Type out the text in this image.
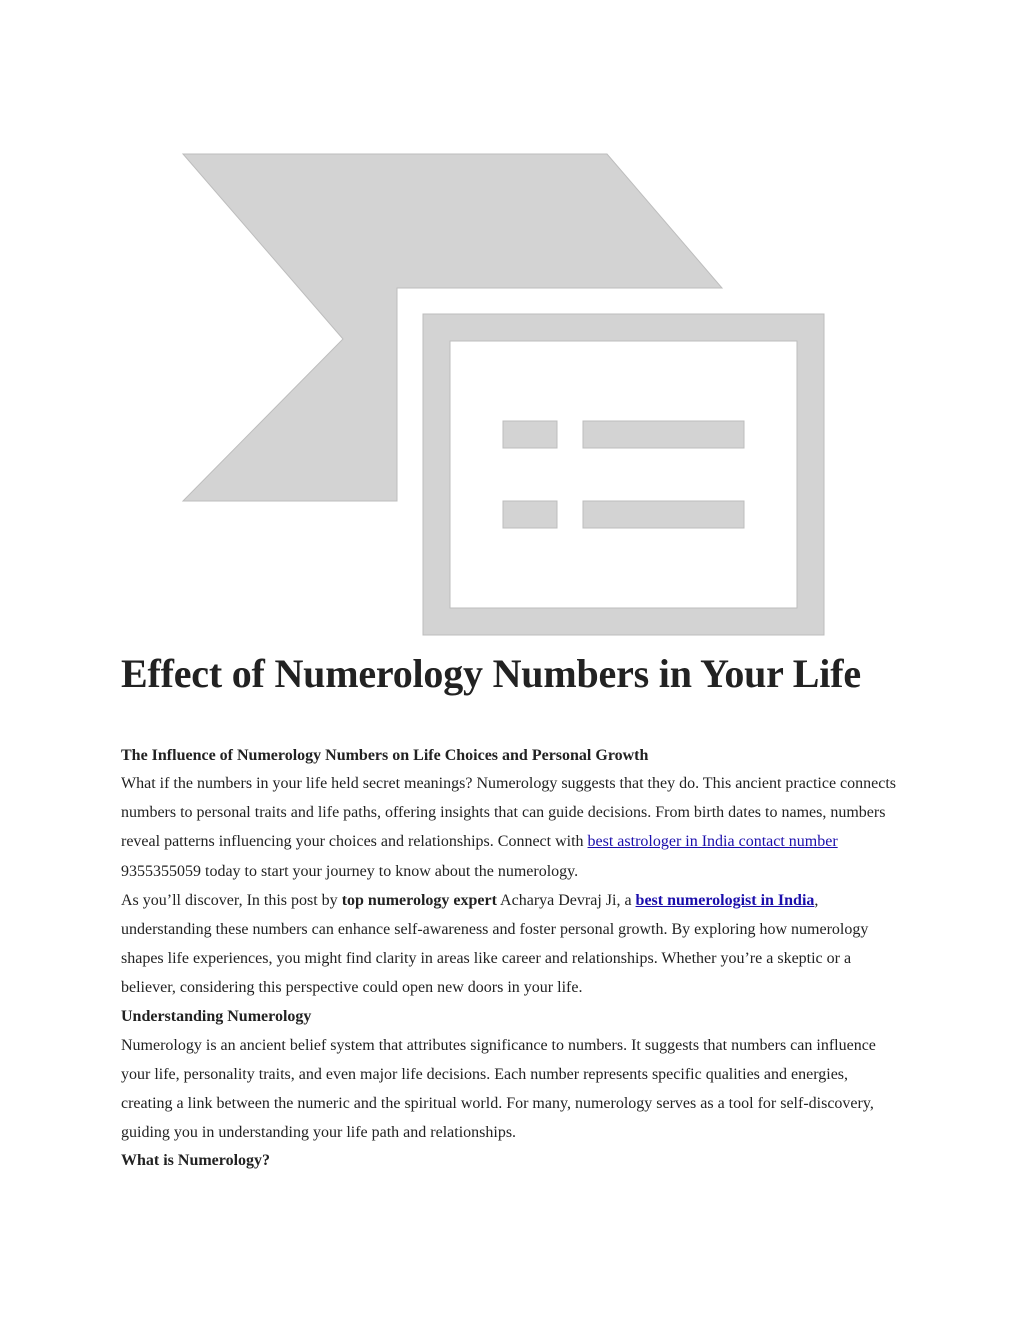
Effect of Numerology Numbers in Your Life
The Influence of Numerology Numbers on Life Choices and Personal Growth

What if the numbers in your life held secret meanings? Numerology suggests that they do. This ancient practice connects numbers to personal traits and life paths, offering insights that can guide decisions. From birth dates to names, numbers reveal patterns influencing your choices and relationships. Connect with best astrologer in India contact number 9355355059 today to start your journey to know about the numerology.

As you’ll discover, In this post by top numerology expert Acharya Devraj Ji, a best numerologist in India, understanding these numbers can enhance self-awareness and foster personal growth. By exploring how numerology shapes life experiences, you might find clarity in areas like career and relationships. Whether you’re a skeptic or a believer, considering this perspective could open new doors in your life.

Understanding Numerology

Numerology is an ancient belief system that attributes significance to numbers. It suggests that numbers can influence your life, personality traits, and even major life decisions. Each number represents specific qualities and energies, creating a link between the numeric and the spiritual world. For many, numerology serves as a tool for self-discovery, guiding you in understanding your life path and relationships.

What is Numerology?
